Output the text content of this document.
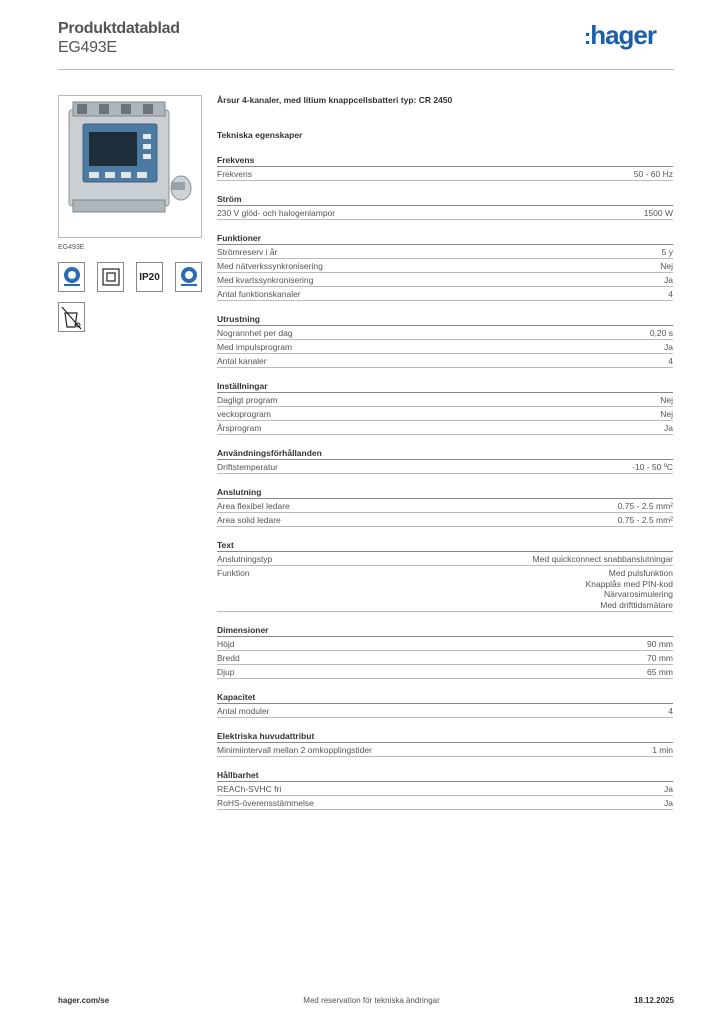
Produktdatablad
EG493E	:hager
EG493E
IP20
Årsur 4-kanaler, med litium knappcellsbatteri typ: CR 2450
Tekniska egenskaper
Frekvens
Frekvens	50 - 60 Hz
Ström
230 V glöd- och halogenlampor	1500 W
Funktioner
Strömreserv i år	5 y
Med nätverkssynkronisering	Nej
Med kvartssynkronisering	Ja
Antal funktionskanaler	4
Utrustning
Nogrannhet per dag	0,20 s
Med impulsprogram	Ja
Antal kanaler	4
Inställningar
Dagligt program	Nej
veckoprogram	Nej
Årsprogram	Ja
Användningsförhållanden
Driftstemperatur	-10 - 50 ºC
Anslutning
Area flexibel ledare	0.75 - 2.5 mm²
Area solid ledare	0.75 - 2.5 mm²
Text
Anslutningstyp	Med quickconnect snabbanslutningar
Funktion	Med pulsfunktion
Knapplås med PIN-kod
Närvarosimulering
Med drifttidsmätare
Dimensioner
Höjd	90 mm
Bredd	70 mm
Djup	65 mm
Kapacitet
Antal moduler	4
Elektriska huvudattribut
Minimiintervall mellan 2 omkopplingstider	1 min
Hållbarhet
REACh-SVHC fri	Ja
RoHS-överensstämmelse	Ja
hager.com/se	Med reservation för tekniska ändringar	18.12.2025
